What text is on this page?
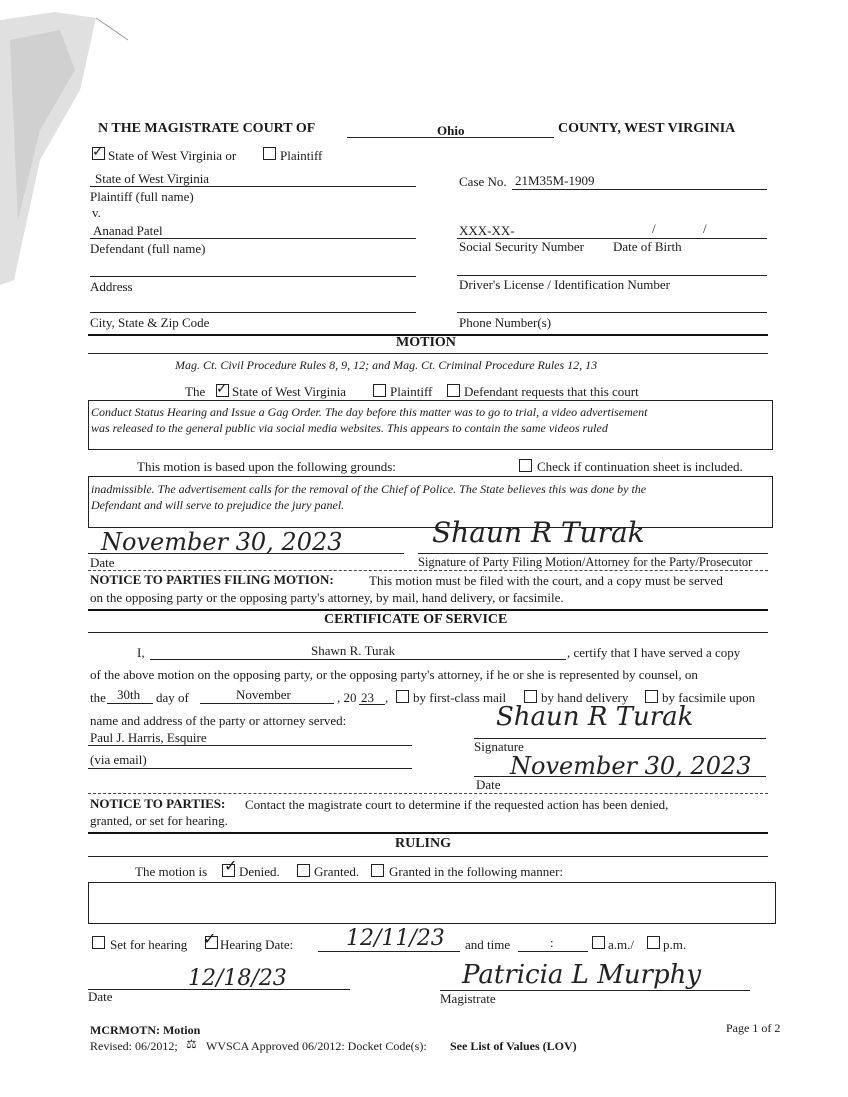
N THE MAGISTRATE COURT OF	Ohio	COUNTY, WEST VIRGINIA
✓ State of West Virginia or	Plaintiff
State of West Virginia
Plaintiff (full name)
v.
Ananad Patel
Defendant (full name)
Address
City, State & Zip Code
Case No. 21M35M-1909
XXX-XX-	/	/
Social Security Number Date of Birth
Driver's License / Identification Number
Phone Number(s)
MOTION
Mag. Ct. Civil Procedure Rules 8, 9, 12; and Mag. Ct. Criminal Procedure Rules 12, 13
The ✓ State of West Virginia	Plaintiff Defendant requests that this court
Conduct Status Hearing and Issue a Gag Order. The day before this matter was to go to trial, a video advertisement
was released to the general public via social media websites. This appears to contain the same videos ruled
This motion is based upon the following grounds:	Check if continuation sheet is included.
inadmissible. The advertisement calls for the removal of the Chief of Police. The State believes this was done by the
Defendant and will serve to prejudice the jury panel.
November 30, 2023
Date
Shaun R Turak
Signature of Party Filing Motion/Attorney for the Party/Prosecutor
NOTICE TO PARTIES FILING MOTION:	This motion must be filed with the court, and a copy must be served
on the opposing party or the opposing party's attorney, by mail, hand delivery, or facsimile.
CERTIFICATE OF SERVICE
I,	Shawn R. Turak	, certify that I have served a copy
of the above motion on the opposing party, or the opposing party's attorney, if he or she is represented by counsel, on
the 30th day of	November	, 20 23 , by first-class mail	by hand delivery	by facsimile upon
name and address of the party or attorney served:
Paul J. Harris, Esquire
(via email)
Shaun R Turak
Signature
November 30, 2023
Date
NOTICE TO PARTIES: Contact the magistrate court to determine if the requested action has been denied,
granted, or set for hearing.
RULING
The motion is ✓ Denied.	Granted. Granted in the following manner:
Set for hearing ✓ Hearing Date: 12/11/23 and time	:	a.m./ p.m.
12/18/23
Date
Patricia L Murphy
Magistrate
MCRMOTN: Motion	Page 1 of 2
Revised: 06/2012; ⚖ WVSCA Approved 06/2012: Docket Code(s): See List of Values (LOV)
